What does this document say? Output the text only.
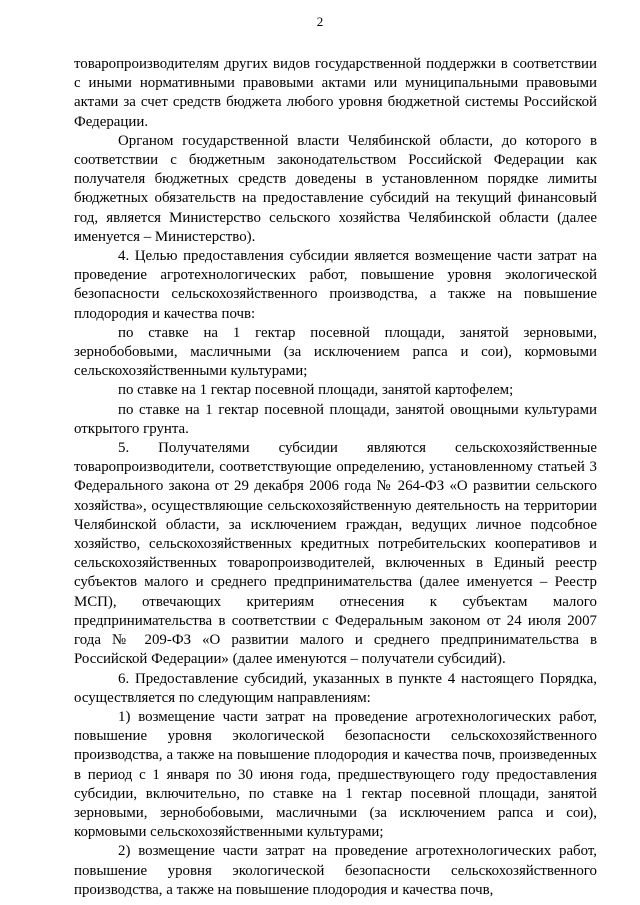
2

товаропроизводителям других видов государственной поддержки в соответствии с иными нормативными правовыми актами или муниципальными правовыми актами за счет средств бюджета любого уровня бюджетной системы Российской Федерации.

Органом государственной власти Челябинской области, до которого в соответствии с бюджетным законодательством Российской Федерации как получателя бюджетных средств доведены в установленном порядке лимиты бюджетных обязательств на предоставление субсидий на текущий финансовый год, является Министерство сельского хозяйства Челябинской области (далее именуется – Министерство).

4. Целью предоставления субсидии является возмещение части затрат на проведение агротехнологических работ, повышение уровня экологической безопасности сельскохозяйственного производства, а также на повышение плодородия и качества почв:

по ставке на 1 гектар посевной площади, занятой зерновыми, зернобобовыми, масличными (за исключением рапса и сои), кормовыми сельскохозяйственными культурами;

по ставке на 1 гектар посевной площади, занятой картофелем;

по ставке на 1 гектар посевной площади, занятой овощными культурами открытого грунта.

5. Получателями субсидии являются сельскохозяйственные товаропроизводители, соответствующие определению, установленному статьей 3 Федерального закона от 29 декабря 2006 года № 264-ФЗ «О развитии сельского хозяйства», осуществляющие сельскохозяйственную деятельность на территории Челябинской области, за исключением граждан, ведущих личное подсобное хозяйство, сельскохозяйственных кредитных потребительских кооперативов и сельскохозяйственных товаропроизводителей, включенных в Единый реестр субъектов малого и среднего предпринимательства (далее именуется – Реестр МСП), отвечающих критериям отнесения к субъектам малого предпринимательства в соответствии с Федеральным законом от 24 июля 2007 года № 209-ФЗ «О развитии малого и среднего предпринимательства в Российской Федерации» (далее именуются – получатели субсидий).

6. Предоставление субсидий, указанных в пункте 4 настоящего Порядка, осуществляется по следующим направлениям:

1) возмещение части затрат на проведение агротехнологических работ, повышение уровня экологической безопасности сельскохозяйственного производства, а также на повышение плодородия и качества почв, произведенных в период с 1 января по 30 июня года, предшествующего году предоставления субсидии, включительно, по ставке на 1 гектар посевной площади, занятой зерновыми, зернобобовыми, масличными (за исключением рапса и сои), кормовыми сельскохозяйственными культурами;

2) возмещение части затрат на проведение агротехнологических работ, повышение уровня экологической безопасности сельскохозяйственного производства, а также на повышение плодородия и качества почв,
